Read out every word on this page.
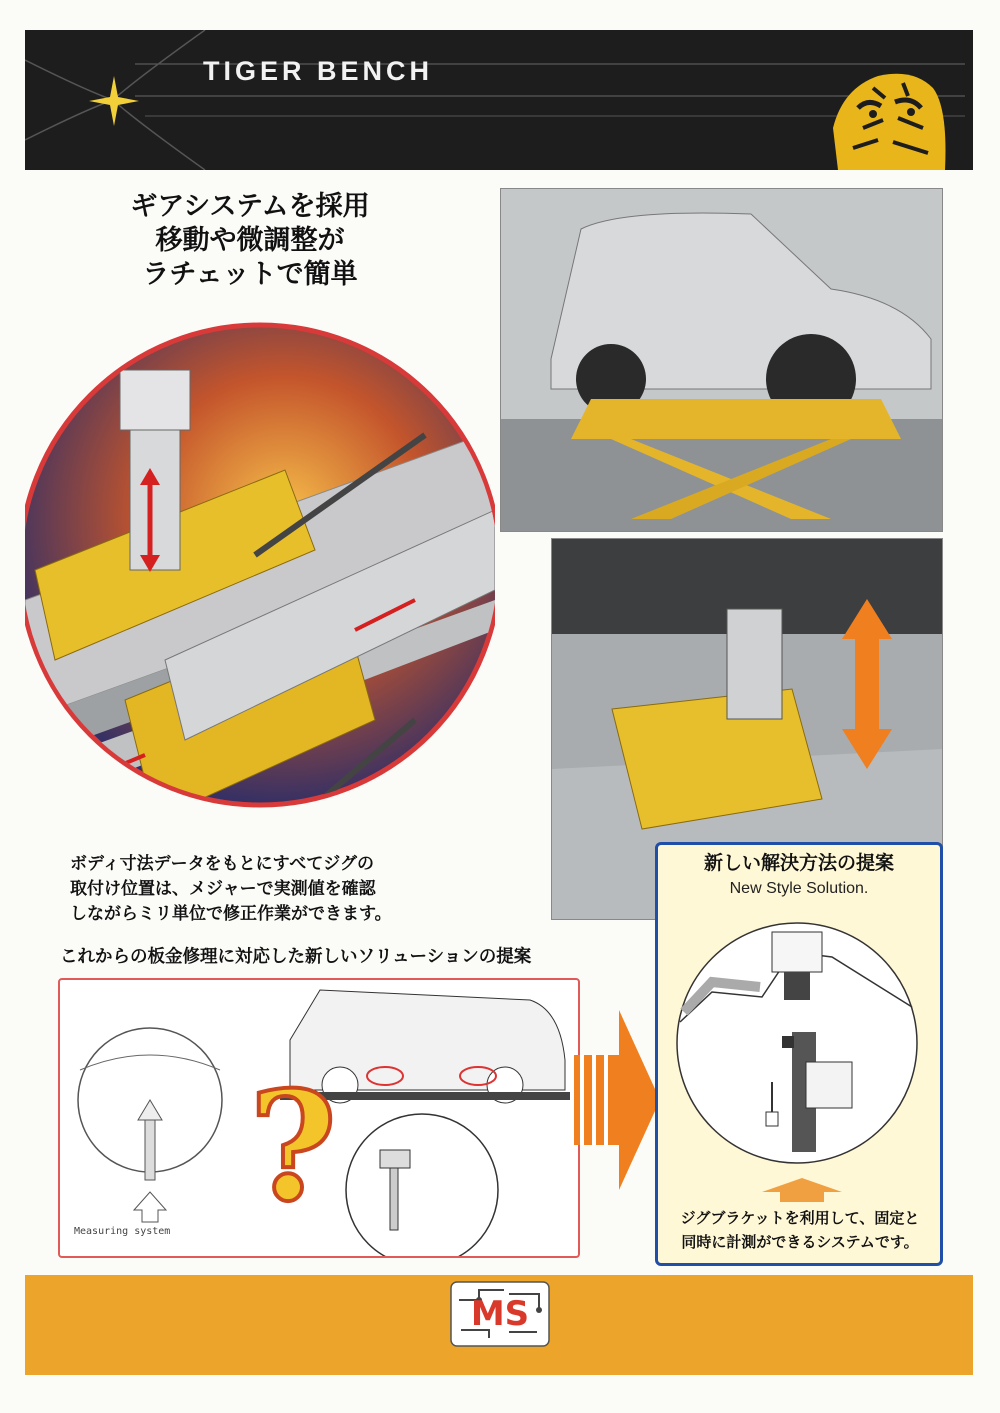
TIGER BENCH
ギアシステムを採用
移動や微調整が
ラチェットで簡単
ボディ寸法データをもとにすべてジグの
取付け位置は、メジャーで実測値を確認
しながらミリ単位で修正作業ができます。
これからの板金修理に対応した新しいソリューションの提案
?
Measuring system
新しい解決方法の提案
New Style Solution.
ジグブラケットを利用して、固定と
同時に計測ができるシステムです。
MS
